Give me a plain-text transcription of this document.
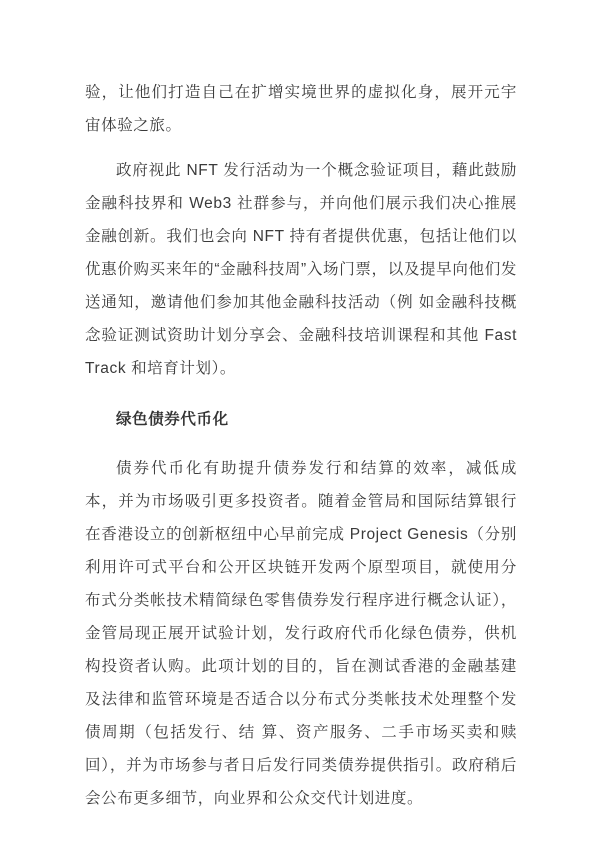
验，让他们打造自己在扩增实境世界的虚拟化身，展开元宇宙体验之旅。

政府视此 NFT 发行活动为一个概念验证项目，藉此鼓励金融科技界和 Web3 社群参与，并向他们展示我们决心推展金融创新。我们也会向 NFT 持有者提供优惠，包括让他们以优惠价购买来年的“金融科技周”入场门票，以及提早向他们发送通知，邀请他们参加其他金融科技活动（例 如金融科技概念验证测试资助计划分享会、金融科技培训课程和其他 Fast Track 和培育计划）。

绿色债券代币化

债券代币化有助提升债券发行和结算的效率，减低成本，并为市场吸引更多投资者。随着金管局和国际结算银行在香港设立的创新枢纽中心早前完成 Project Genesis（分别利用许可式平台和公开区块链开发两个原型项目，就使用分布式分类帐技术精简绿色零售债券发行程序进行概念认证），金管局现正展开试验计划，发行政府代币化绿色债券，供机构投资者认购。此项计划的目的，旨在测试香港的金融基建及法律和监管环境是否适合以分布式分类帐技术处理整个发债周期（包括发行、结 算、资产服务、二手市场买卖和赎回），并为市场参与者日后发行同类债券提供指引。政府稍后会公布更多细节，向业界和公众交代计划进度。
